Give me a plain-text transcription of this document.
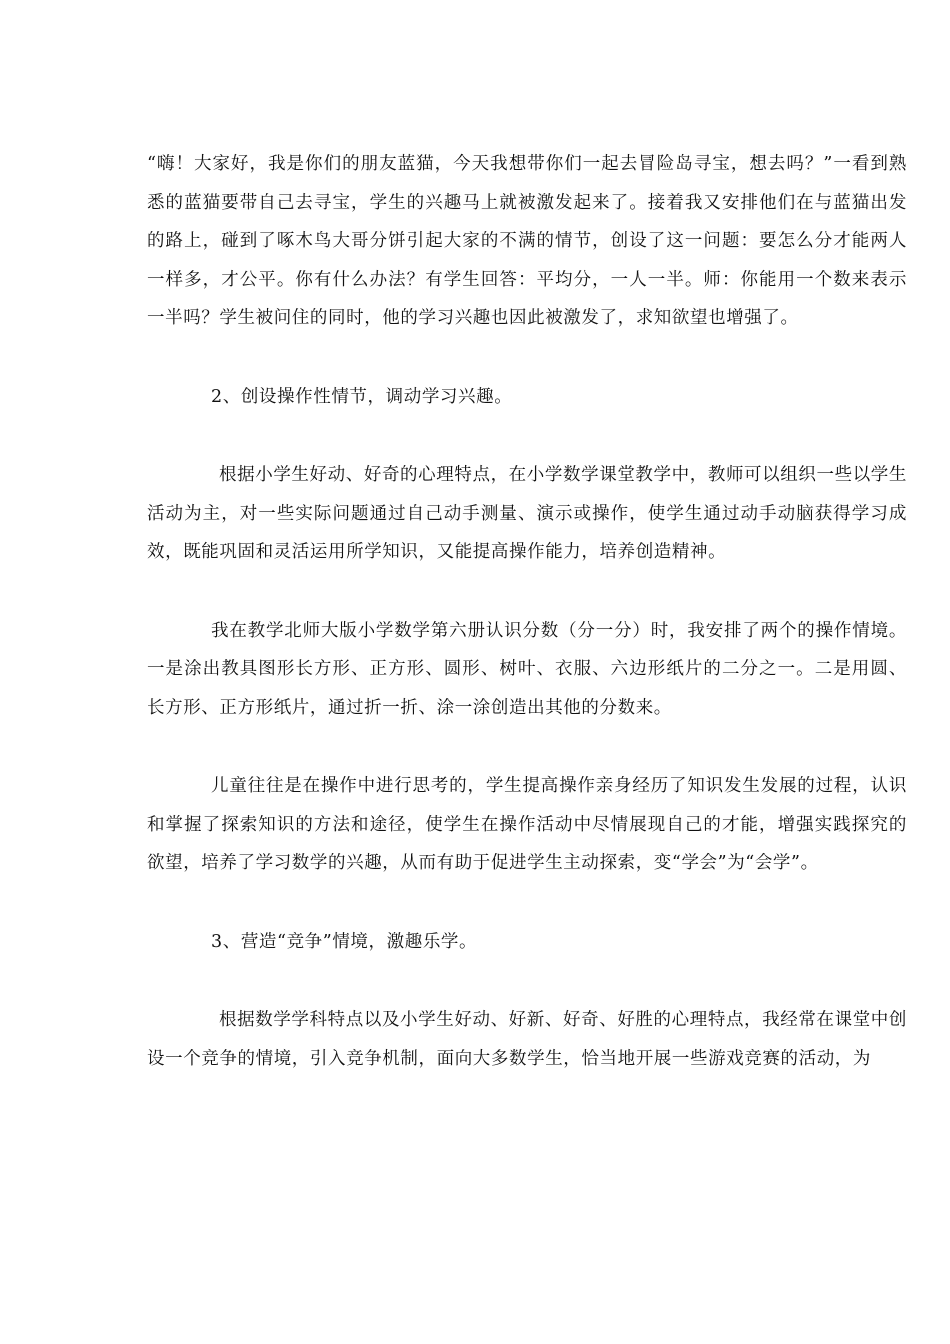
“嗨！大家好，我是你们的朋友蓝猫，今天我想带你们一起去冒险岛寻宝，想去吗？”一看到熟悉的蓝猫要带自己去寻宝，学生的兴趣马上就被激发起来了。接着我又安排他们在与蓝猫出发的路上，碰到了啄木鸟大哥分饼引起大家的不满的情节，创设了这一问题：要怎么分才能两人一样多，才公平。你有什么办法？有学生回答：平均分，一人一半。师：你能用一个数来表示一半吗？学生被问住的同时，他的学习兴趣也因此被激发了，求知欲望也增强了。

2、创设操作性情节，调动学习兴趣。

根据小学生好动、好奇的心理特点，在小学数学课堂教学中，教师可以组织一些以学生活动为主，对一些实际问题通过自己动手测量、演示或操作，使学生通过动手动脑获得学习成效，既能巩固和灵活运用所学知识，又能提高操作能力，培养创造精神。

我在教学北师大版小学数学第六册认识分数（分一分）时，我安排了两个的操作情境。一是涂出教具图形长方形、正方形、圆形、树叶、衣服、六边形纸片的二分之一。二是用圆、长方形、正方形纸片，通过折一折、涂一涂创造出其他的分数来。

儿童往往是在操作中进行思考的，学生提高操作亲身经历了知识发生发展的过程，认识和掌握了探索知识的方法和途径，使学生在操作活动中尽情展现自己的才能，增强实践探究的欲望，培养了学习数学的兴趣，从而有助于促进学生主动探索，变“学会”为“会学”。

3、营造“竞争”情境，激趣乐学。

根据数学学科特点以及小学生好动、好新、好奇、好胜的心理特点，我经常在课堂中创设一个竞争的情境，引入竞争机制，面向大多数学生，恰当地开展一些游戏竞赛的活动，为
